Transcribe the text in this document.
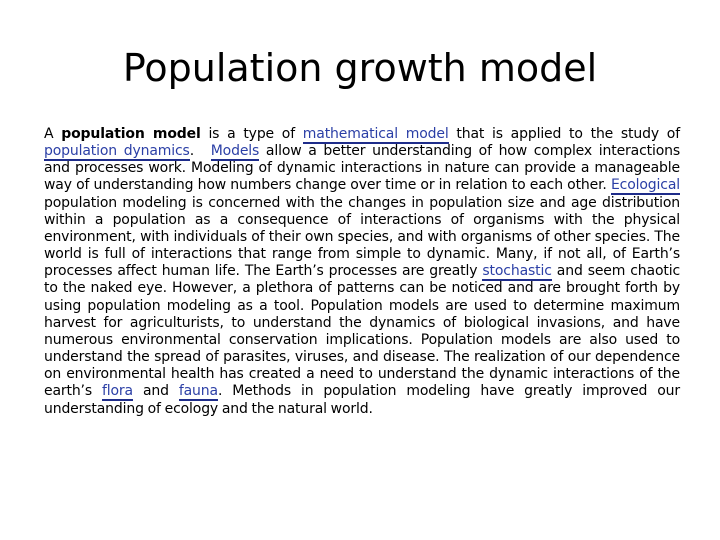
Population growth model

A population model is a type of mathematical model that is applied to the study of population dynamics. Models allow a better understanding of how complex interactions and processes work. Modeling of dynamic interactions in nature can provide a manageable way of understanding how numbers change over time or in relation to each other. Ecological population modeling is concerned with the changes in population size and age distribution within a population as a consequence of interactions of organisms with the physical environment, with individuals of their own species, and with organisms of other species. The world is full of interactions that range from simple to dynamic. Many, if not all, of Earth’s processes affect human life. The Earth’s processes are greatly stochastic and seem chaotic to the naked eye. However, a plethora of patterns can be noticed and are brought forth by using population modeling as a tool. Population models are used to determine maximum harvest for agriculturists, to understand the dynamics of biological invasions, and have numerous environmental conservation implications. Population models are also used to understand the spread of parasites, viruses, and disease. The realization of our dependence on environmental health has created a need to understand the dynamic interactions of the earth’s flora and fauna. Methods in population modeling have greatly improved our understanding of ecology and the natural world.
